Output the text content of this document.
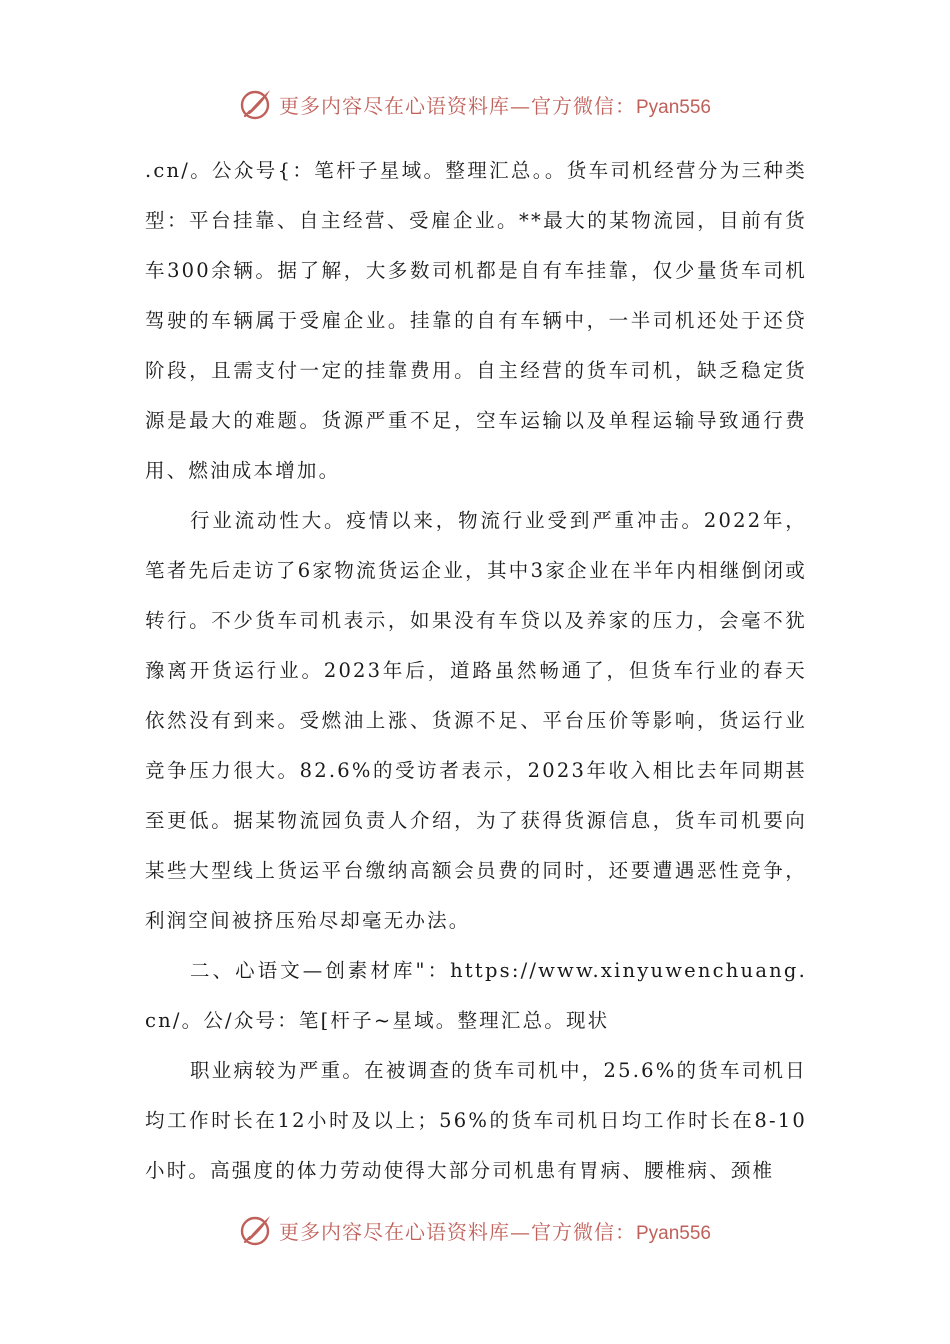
更多内容尽在心语资料库—官方微信：Pyan556

.cn/。公众号{：笔杆子星域。整理汇总。。货车司机经营分为三种类型：平台挂靠、自主经营、受雇企业。**最大的某物流园，目前有货车300余辆。据了解，大多数司机都是自有车挂靠，仅少量货车司机驾驶的车辆属于受雇企业。挂靠的自有车辆中，一半司机还处于还贷阶段，且需支付一定的挂靠费用。自主经营的货车司机，缺乏稳定货源是最大的难题。货源严重不足，空车运输以及单程运输导致通行费用、燃油成本增加。

行业流动性大。疫情以来，物流行业受到严重冲击。2022年，笔者先后走访了6家物流货运企业，其中3家企业在半年内相继倒闭或转行。不少货车司机表示，如果没有车贷以及养家的压力，会毫不犹豫离开货运行业。2023年后，道路虽然畅通了，但货车行业的春天依然没有到来。受燃油上涨、货源不足、平台压价等影响，货运行业竞争压力很大。82.6%的受访者表示，2023年收入相比去年同期甚至更低。据某物流园负责人介绍，为了获得货源信息，货车司机要向某些大型线上货运平台缴纳高额会员费的同时，还要遭遇恶性竞争，利润空间被挤压殆尽却毫无办法。

二、心语文—创素材库"：https://www.xinyuwenchuang.cn/。公/众号：笔[杆子~星域。整理汇总。现状

职业病较为严重。在被调查的货车司机中，25.6%的货车司机日均工作时长在12小时及以上；56%的货车司机日均工作时长在8-10小时。高强度的体力劳动使得大部分司机患有胃病、腰椎病、颈椎

更多内容尽在心语资料库—官方微信：Pyan556
